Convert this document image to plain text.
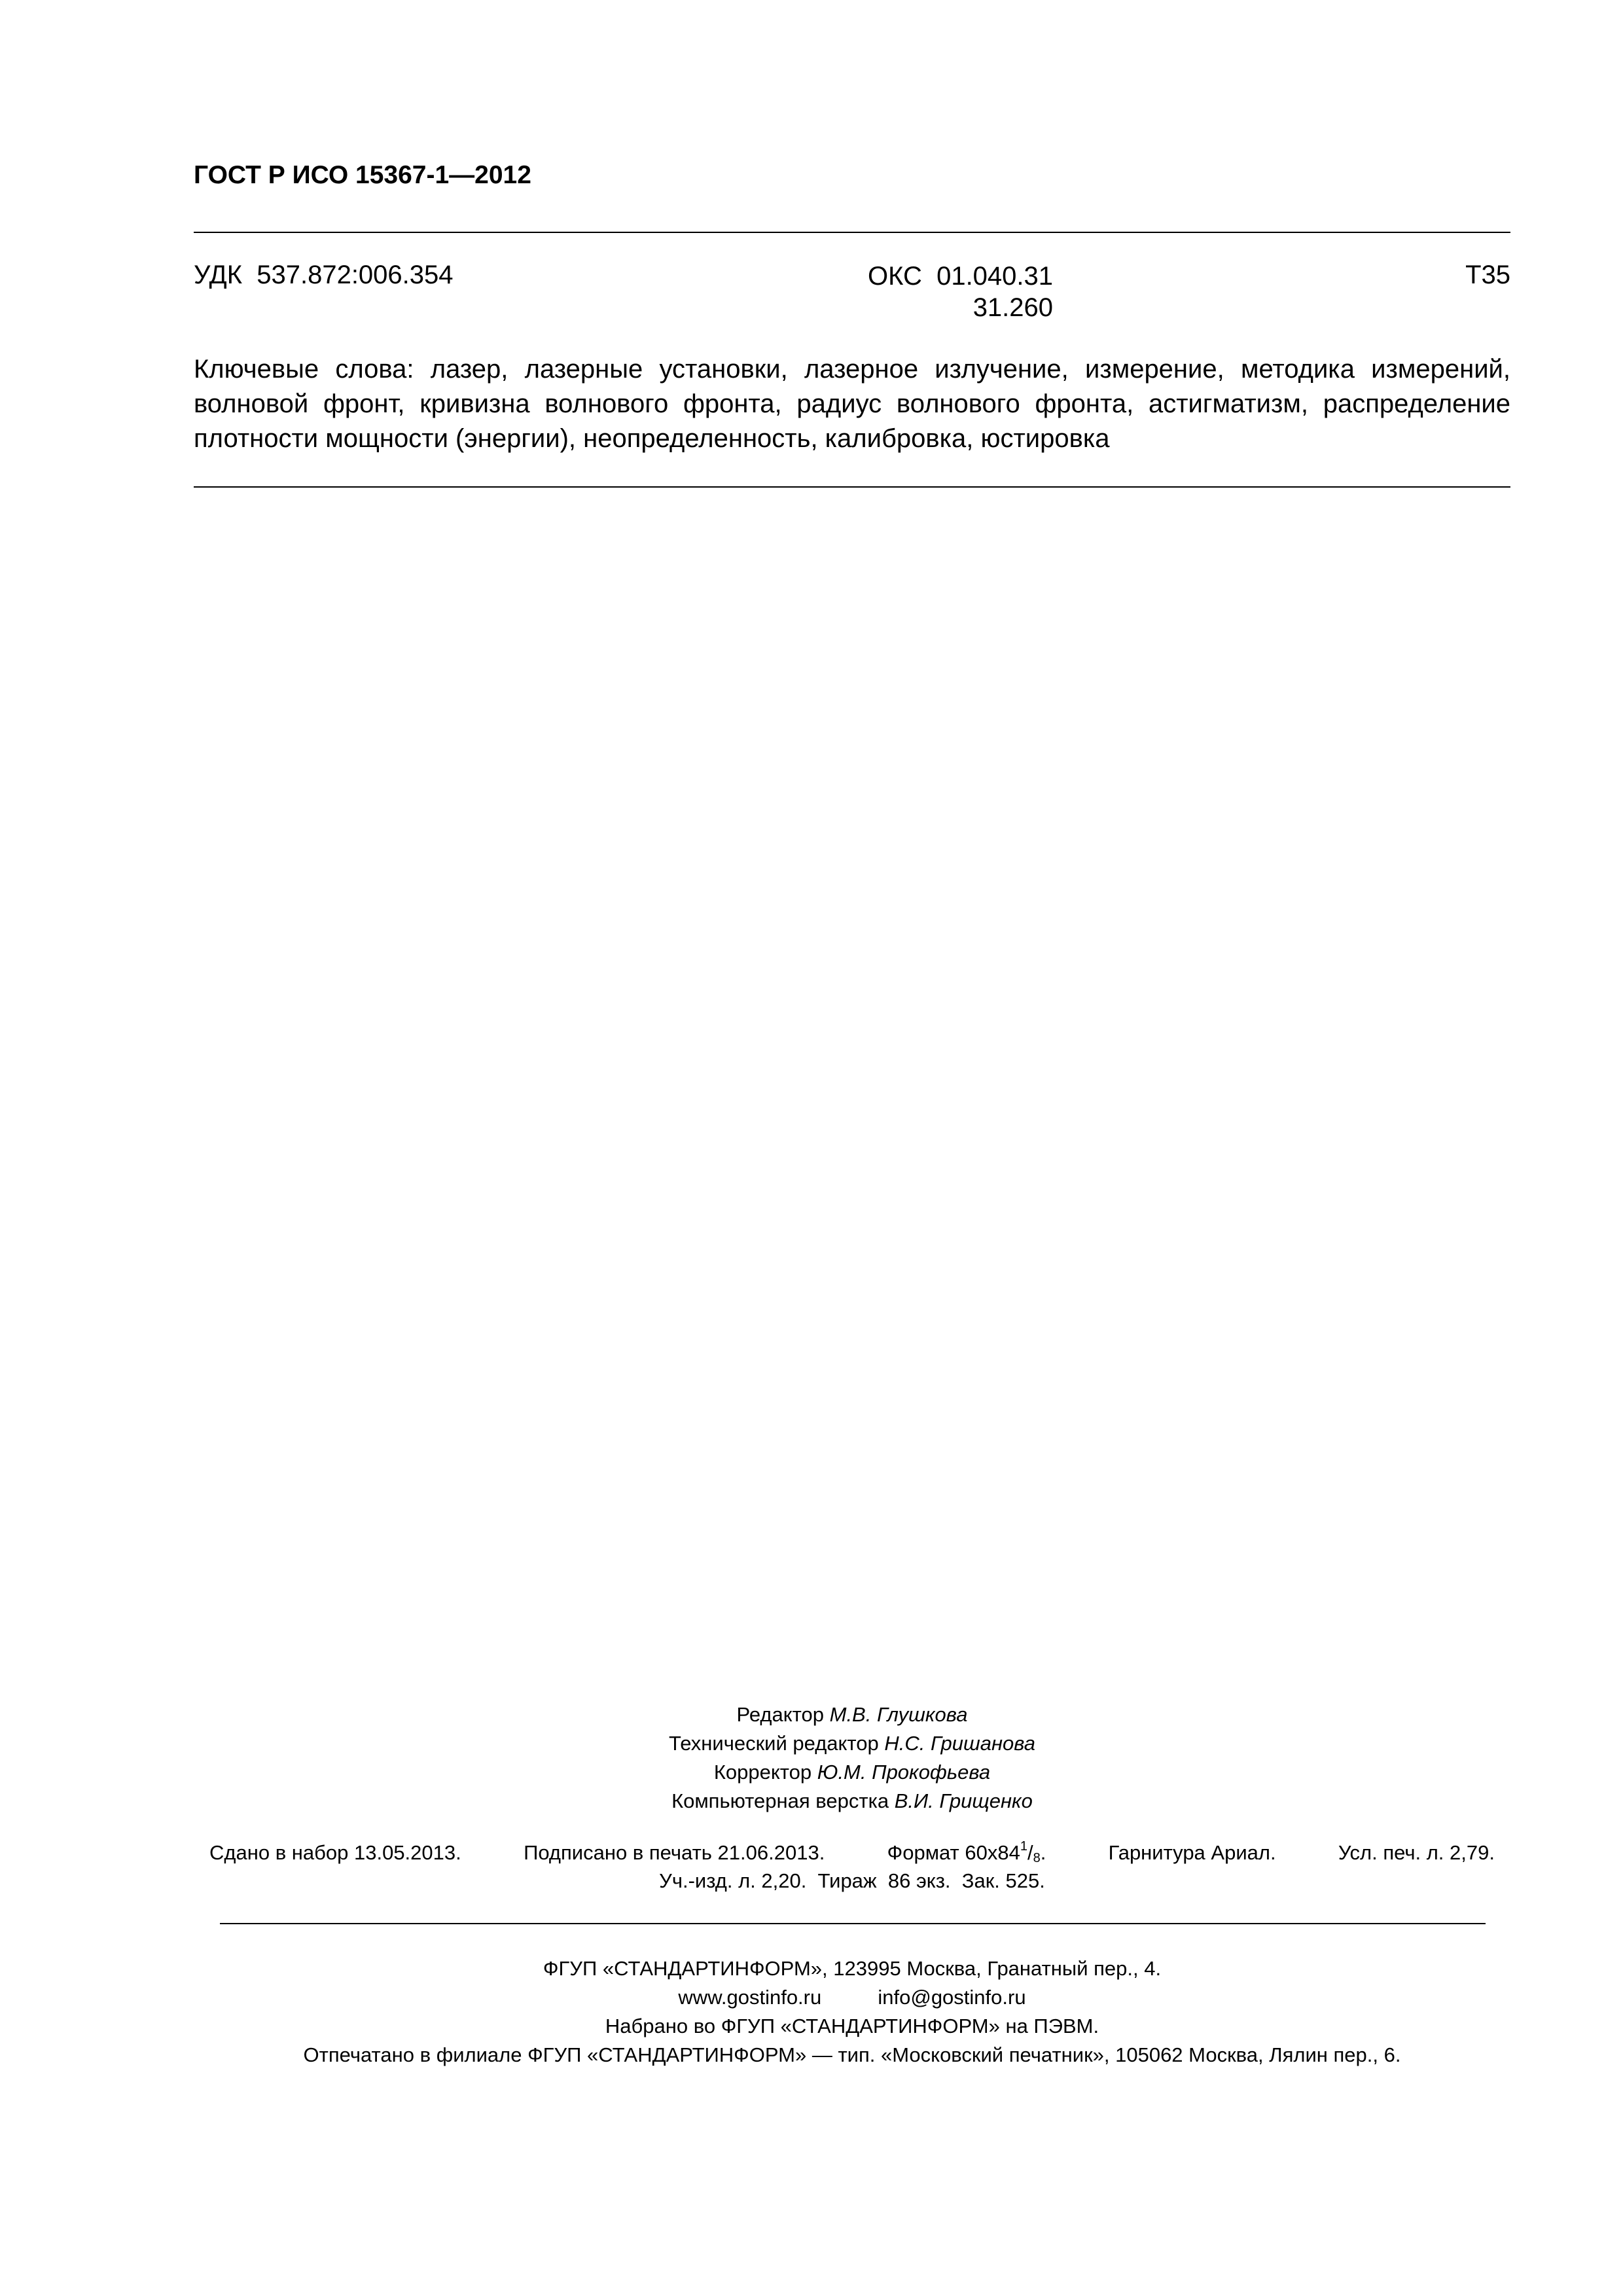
ГОСТ Р ИСО 15367-1—2012
УДК  537.872:006.354	ОКС  01.040.31
31.260
Т35
Ключевые слова: лазер, лазерные установки, лазерное излучение, измерение, методика измерений,
волновой фронт, кривизна волнового фронта, радиус волнового фронта, астигматизм, распределение
плотности мощности (энергии), неопределенность, калибровка, юстировка
Редактор М.В. Глушкова
Технический редактор Н.С. Гришанова
Корректор Ю.М. Прокофьева
Компьютерная верстка В.И. Грищенко
Сдано в набор 13.05.2013.	Подписано в печать 21.06.2013.	Формат $60x84^1/_8$.	Гарнитура Ариал.	Усл. печ. л. 2,79.
Уч.-изд. л. 2,20.  Тираж  86 экз.  Зак. 525.
ФГУП «СТАНДАРТИНФОРМ», 123995 Москва, Гранатный пер., 4.
www.gostinfo.ru          info@gostinfo.ru
Набрано во ФГУП «СТАНДАРТИНФОРМ» на ПЭВМ.
Отпечатано в филиале ФГУП «СТАНДАРТИНФОРМ» — тип. «Московский печатник», 105062 Москва, Лялин пер., 6.
